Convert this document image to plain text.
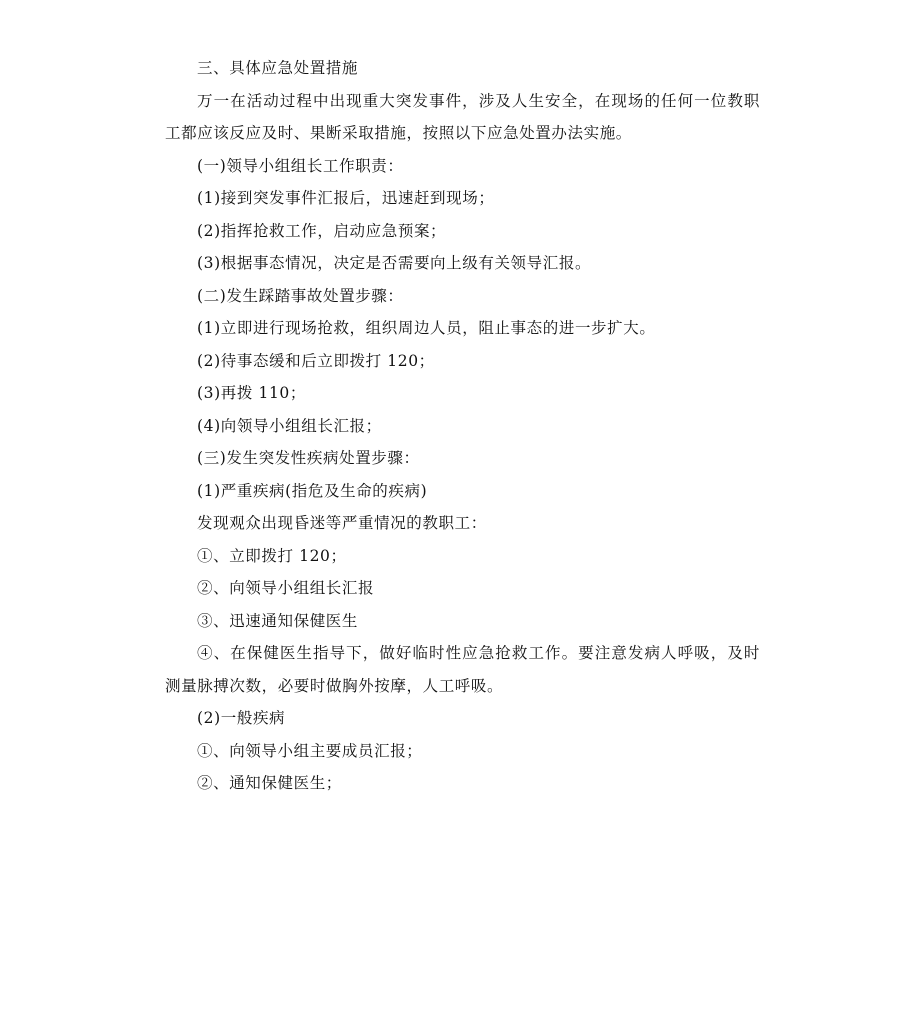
三、具体应急处置措施

万一在活动过程中出现重大突发事件，涉及人生安全，在现场的任何一位教职工都应该反应及时、果断采取措施，按照以下应急处置办法实施。

(一)领导小组组长工作职责：

(1)接到突发事件汇报后，迅速赶到现场；

(2)指挥抢救工作，启动应急预案；

(3)根据事态情况，决定是否需要向上级有关领导汇报。

(二)发生踩踏事故处置步骤：

(1)立即进行现场抢救，组织周边人员，阻止事态的进一步扩大。

(2)待事态缓和后立即拨打 120；

(3)再拨 110；

(4)向领导小组组长汇报；

(三)发生突发性疾病处置步骤：

(1)严重疾病(指危及生命的疾病)

发现观众出现昏迷等严重情况的教职工：

①、立即拨打 120；

②、向领导小组组长汇报

③、迅速通知保健医生

④、在保健医生指导下，做好临时性应急抢救工作。要注意发病人呼吸，及时测量脉搏次数，必要时做胸外按摩，人工呼吸。

(2)一般疾病

①、向领导小组主要成员汇报；

②、通知保健医生；
